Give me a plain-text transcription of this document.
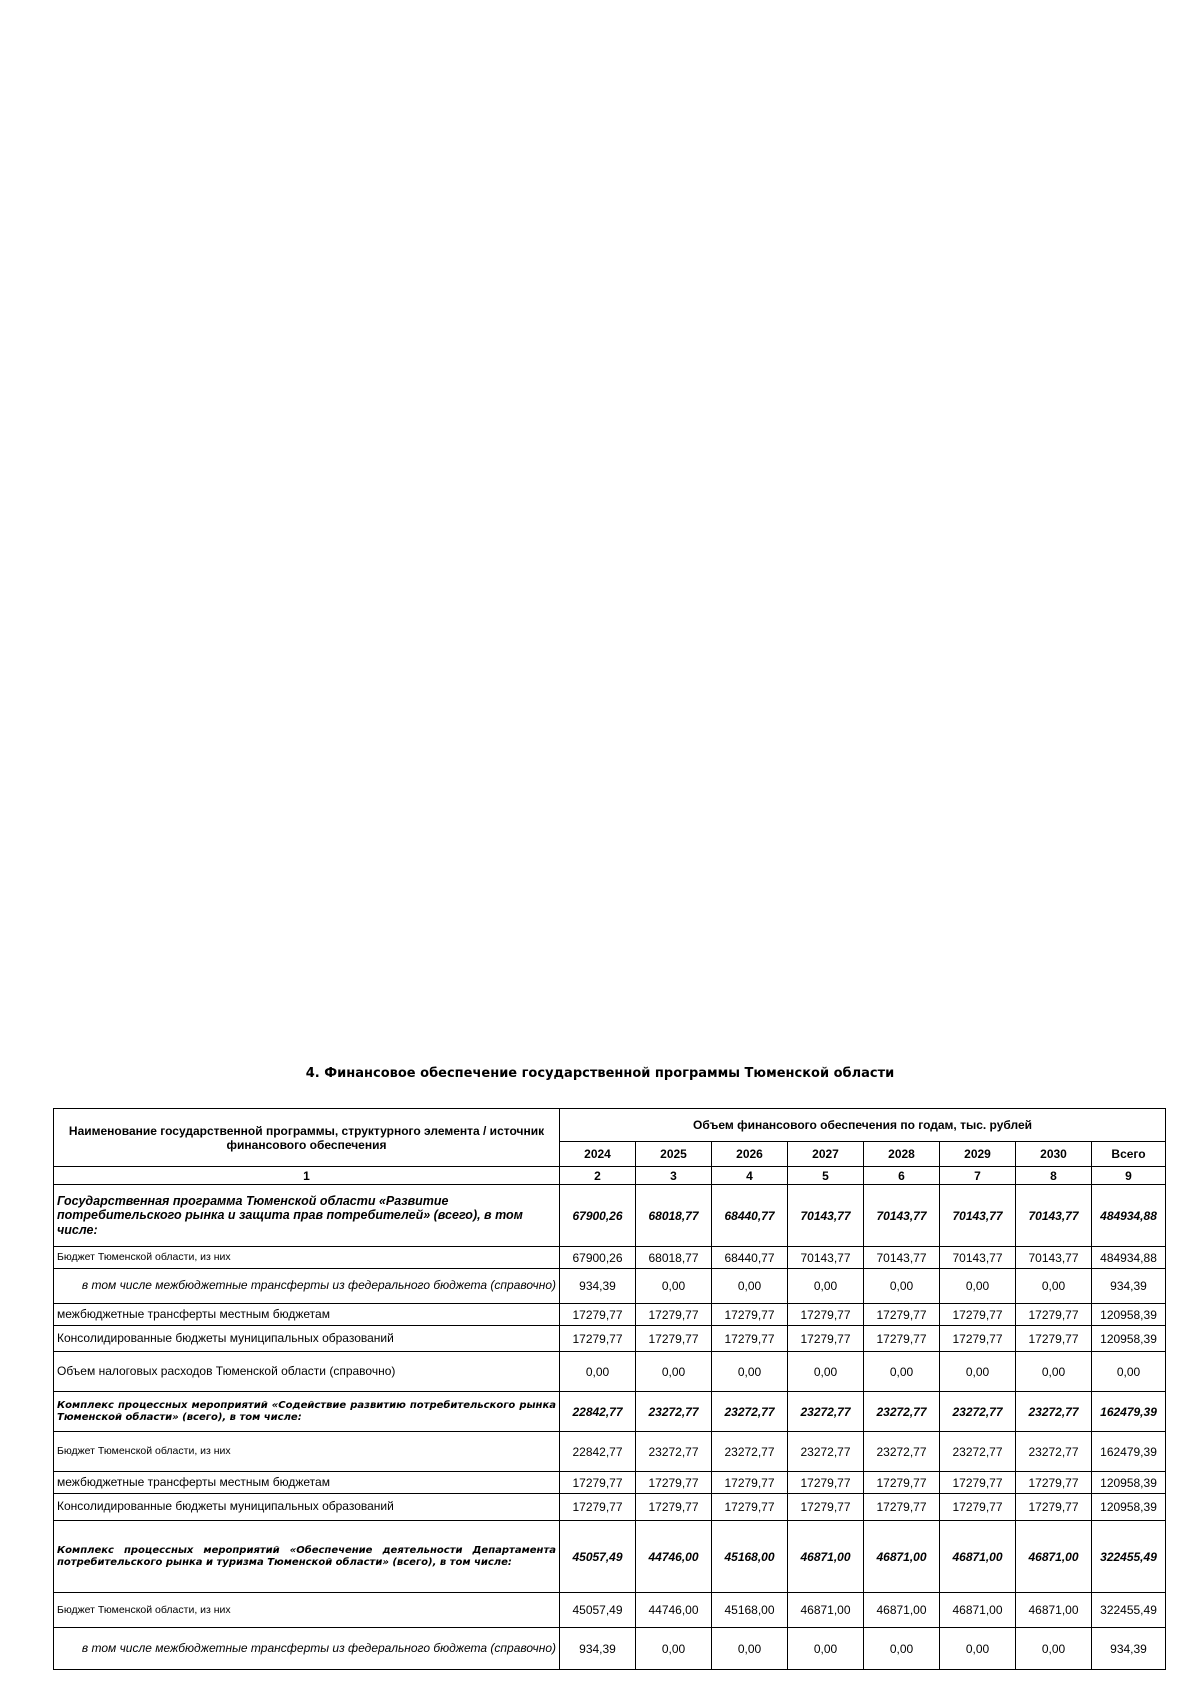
4. Финансовое обеспечение государственной программы Тюменской области
Наименование государственной программы, структурного элемента / источник финансового обеспечения	Объем финансового обеспечения по годам, тыс. рублей							
	2024	2025	2026	2027	2028	2029	2030	Всего
1	2	3	4	5	6	7	8	9
Государственная программа Тюменской области «Развитие потребительского рынка и защита прав потребителей» (всего), в том числе:	67900,26	68018,77	68440,77	70143,77	70143,77	70143,77	70143,77	484934,88
Бюджет Тюменской области, из них	67900,26	68018,77	68440,77	70143,77	70143,77	70143,77	70143,77	484934,88
в том числе межбюджетные трансферты из федерального бюджета (справочно)	934,39	0,00	0,00	0,00	0,00	0,00	0,00	934,39
межбюджетные трансферты местным бюджетам	17279,77	17279,77	17279,77	17279,77	17279,77	17279,77	17279,77	120958,39
Консолидированные бюджеты муниципальных образований	17279,77	17279,77	17279,77	17279,77	17279,77	17279,77	17279,77	120958,39
Объем налоговых расходов Тюменской области (справочно)	0,00	0,00	0,00	0,00	0,00	0,00	0,00	0,00
Комплекс процессных мероприятий «Содействие развитию потребительского рынка Тюменской области» (всего), в том числе:	22842,77	23272,77	23272,77	23272,77	23272,77	23272,77	23272,77	162479,39
Бюджет Тюменской области, из них	22842,77	23272,77	23272,77	23272,77	23272,77	23272,77	23272,77	162479,39
межбюджетные трансферты местным бюджетам	17279,77	17279,77	17279,77	17279,77	17279,77	17279,77	17279,77	120958,39
Консолидированные бюджеты муниципальных образований	17279,77	17279,77	17279,77	17279,77	17279,77	17279,77	17279,77	120958,39
Комплекс процессных мероприятий «Обеспечение деятельности Департамента потребительского рынка и туризма Тюменской области» (всего), в том числе:	45057,49	44746,00	45168,00	46871,00	46871,00	46871,00	46871,00	322455,49
Бюджет Тюменской области, из них	45057,49	44746,00	45168,00	46871,00	46871,00	46871,00	46871,00	322455,49
в том числе межбюджетные трансферты из федерального бюджета (справочно)	934,39	0,00	0,00	0,00	0,00	0,00	0,00	934,39
